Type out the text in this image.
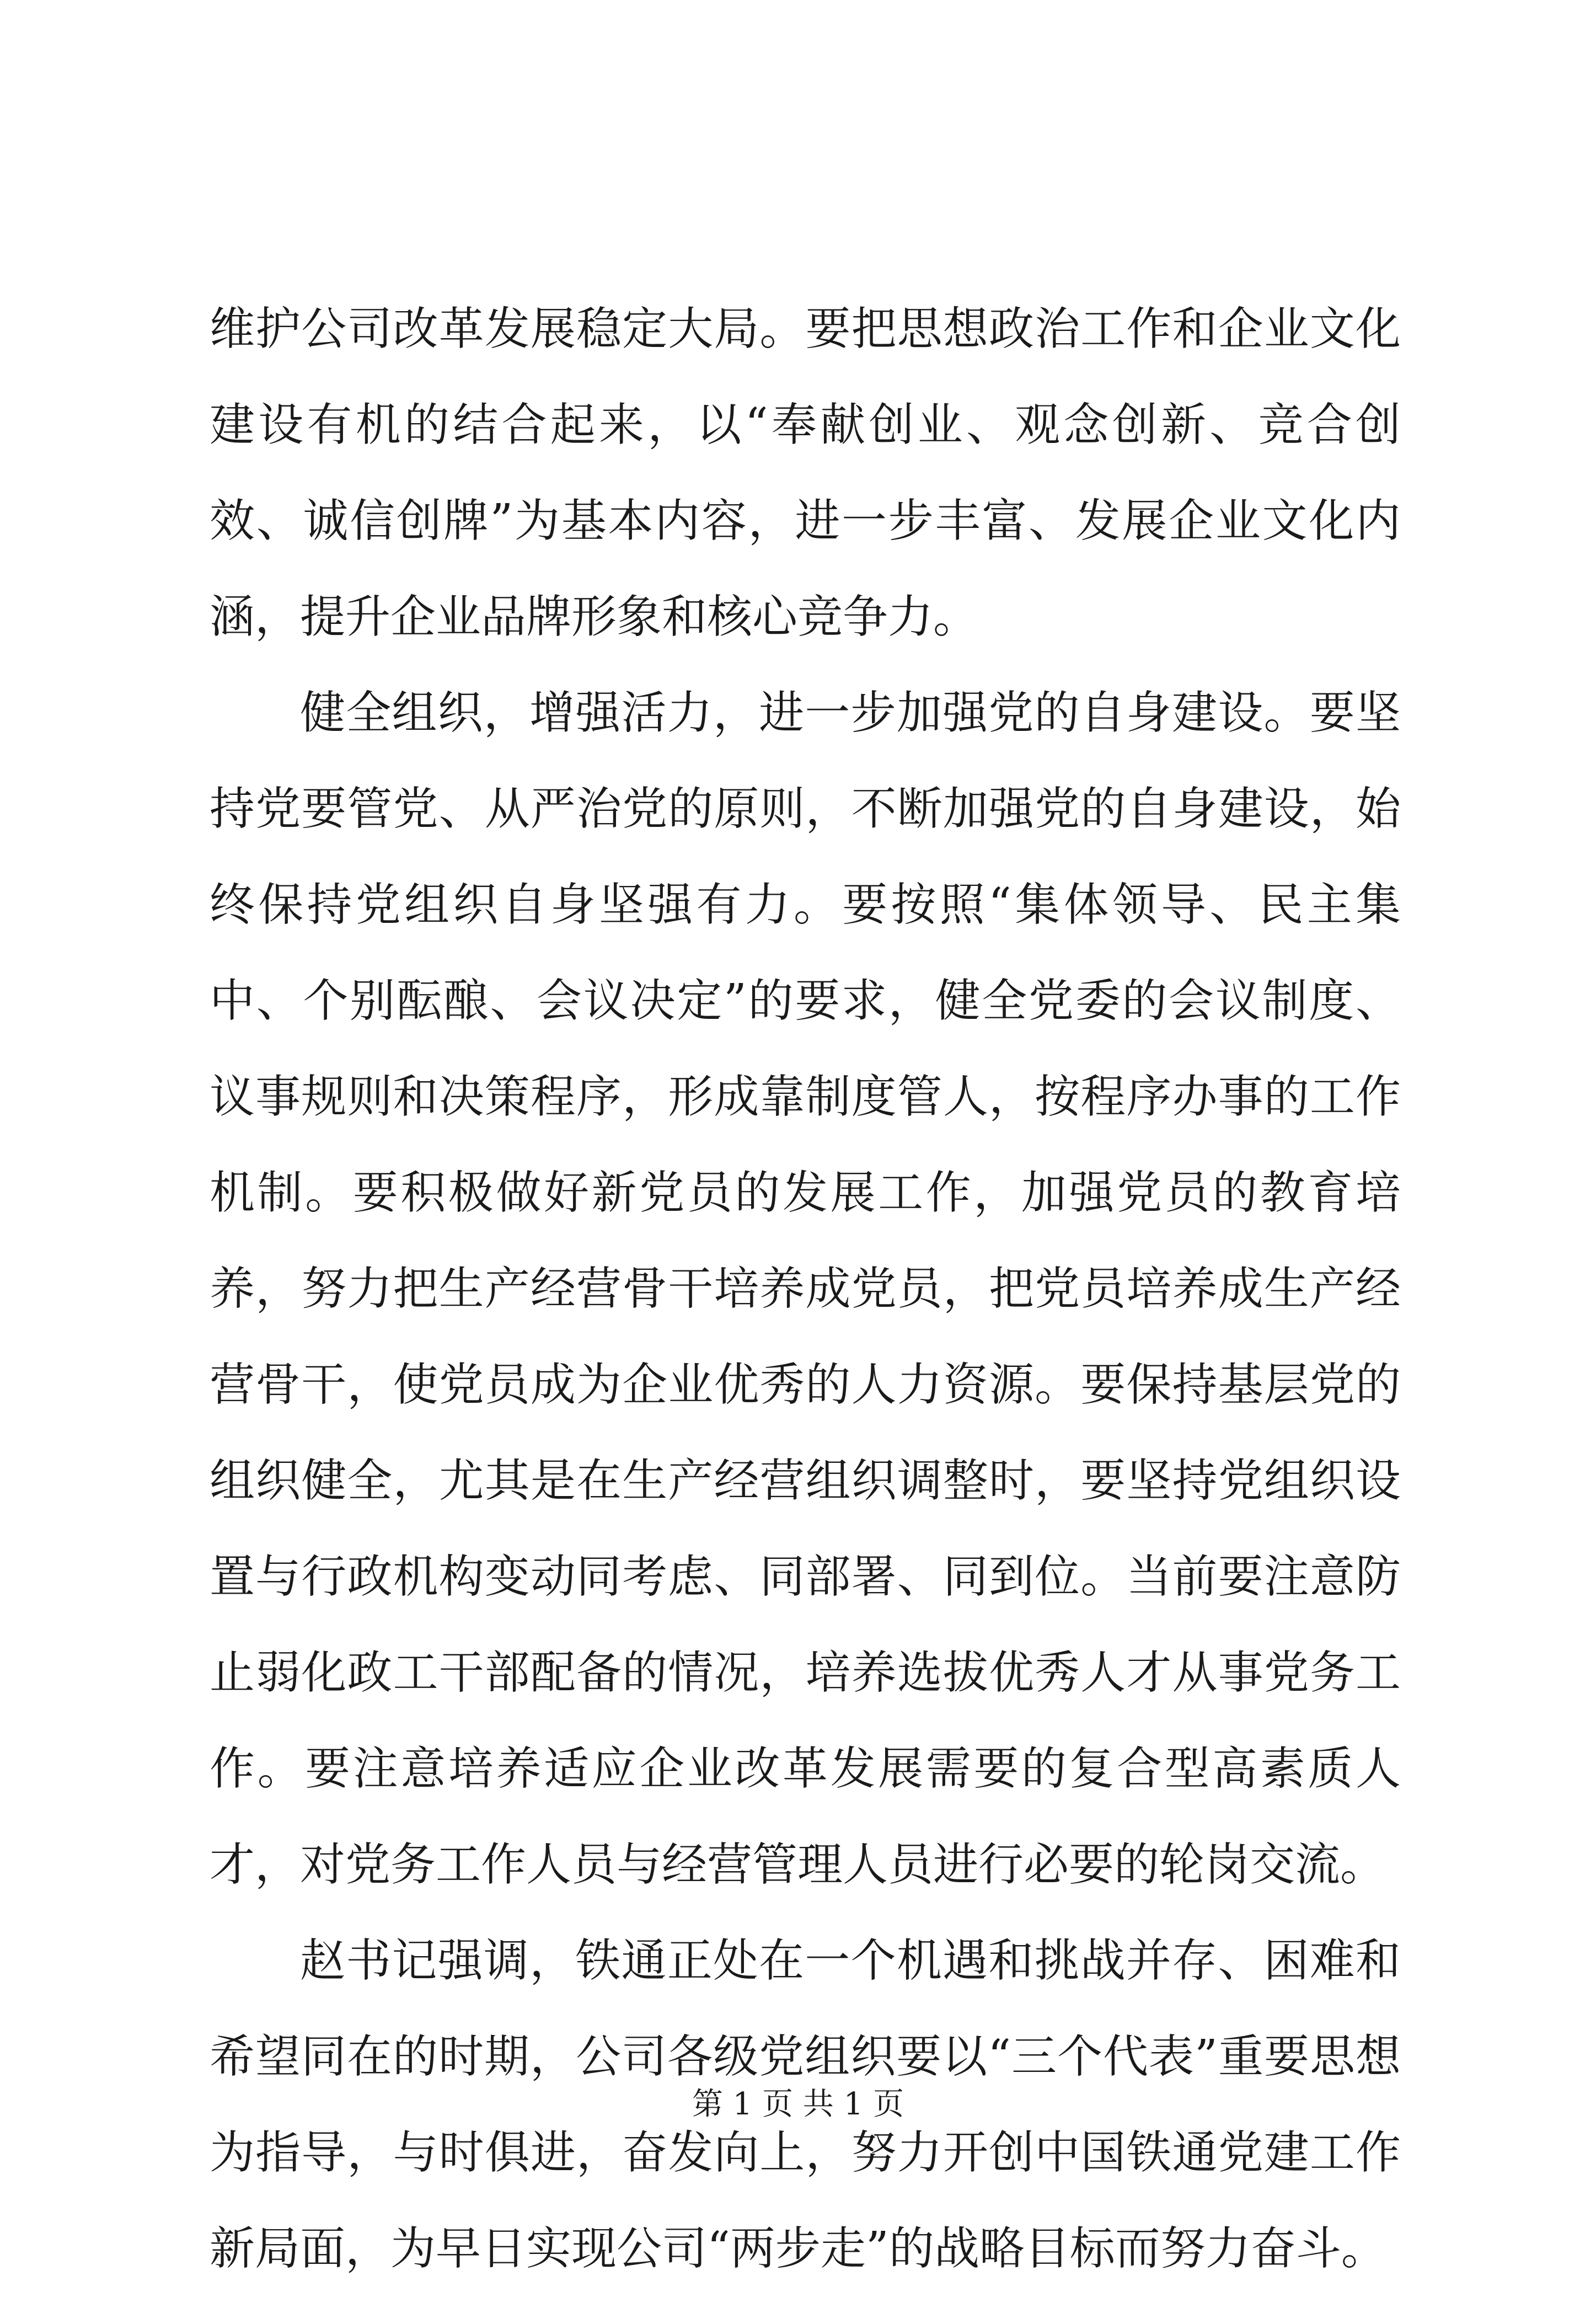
维护公司改革发展稳定大局。要把思想政治工作和企业文化建设有机的结合起来，以“奉献创业、观念创新、竞合创效、诚信创牌”为基本内容，进一步丰富、发展企业文化内涵，提升企业品牌形象和核心竞争力。

健全组织，增强活力，进一步加强党的自身建设。要坚持党要管党、从严治党的原则，不断加强党的自身建设，始终保持党组织自身坚强有力。要按照“集体领导、民主集中、个别酝酿、会议决定”的要求，健全党委的会议制度、议事规则和决策程序，形成靠制度管人，按程序办事的工作机制。要积极做好新党员的发展工作，加强党员的教育培养，努力把生产经营骨干培养成党员，把党员培养成生产经营骨干，使党员成为企业优秀的人力资源。要保持基层党的组织健全，尤其是在生产经营组织调整时，要坚持党组织设置与行政机构变动同考虑、同部署、同到位。当前要注意防止弱化政工干部配备的情况，培养选拔优秀人才从事党务工作。要注意培养适应企业改革发展需要的复合型高素质人才，对党务工作人员与经营管理人员进行必要的轮岗交流。

赵书记强调，铁通正处在一个机遇和挑战并存、困难和希望同在的时期，公司各级党组织要以“三个代表”重要思想为指导，与时俱进，奋发向上，努力开创中国铁通党建工作新局面，为早日实现公司“两步走”的战略目标而努力奋斗。

第 1 页 共 1 页
